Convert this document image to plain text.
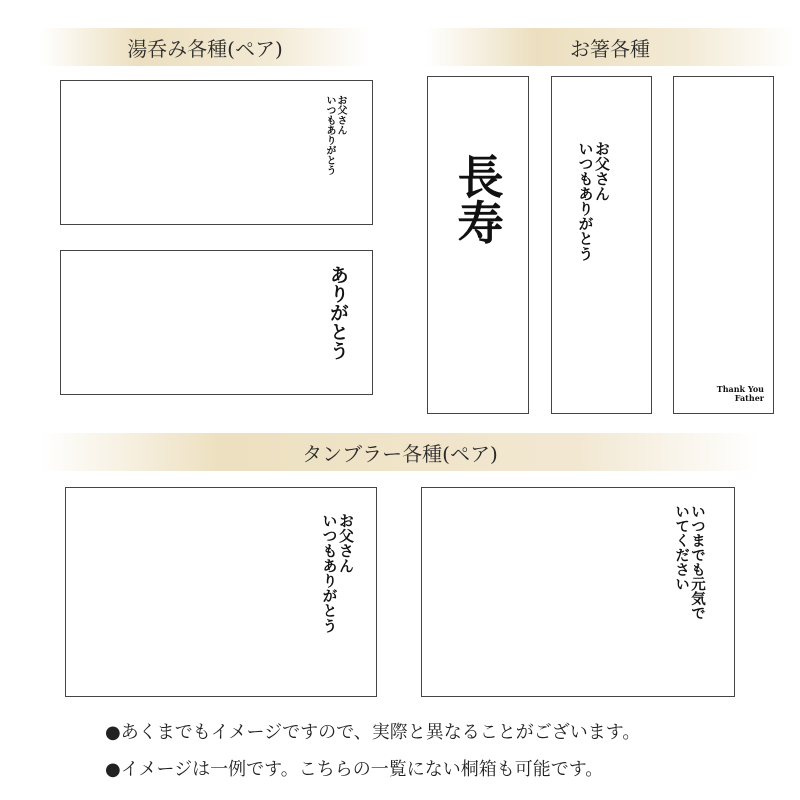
湯呑み各種(ペア)	お箸各種
お父さん
いつもありがとう
ありがとう
長寿	お父さん
いつもありがとう
Thank You
Father
タンブラー各種(ペア)
お父さん
いつもありがとう	いつまでも元気で
いてください
●あくまでもイメージですので、実際と異なることがございます。
●イメージは一例です。こちらの一覧にない桐箱も可能です。
